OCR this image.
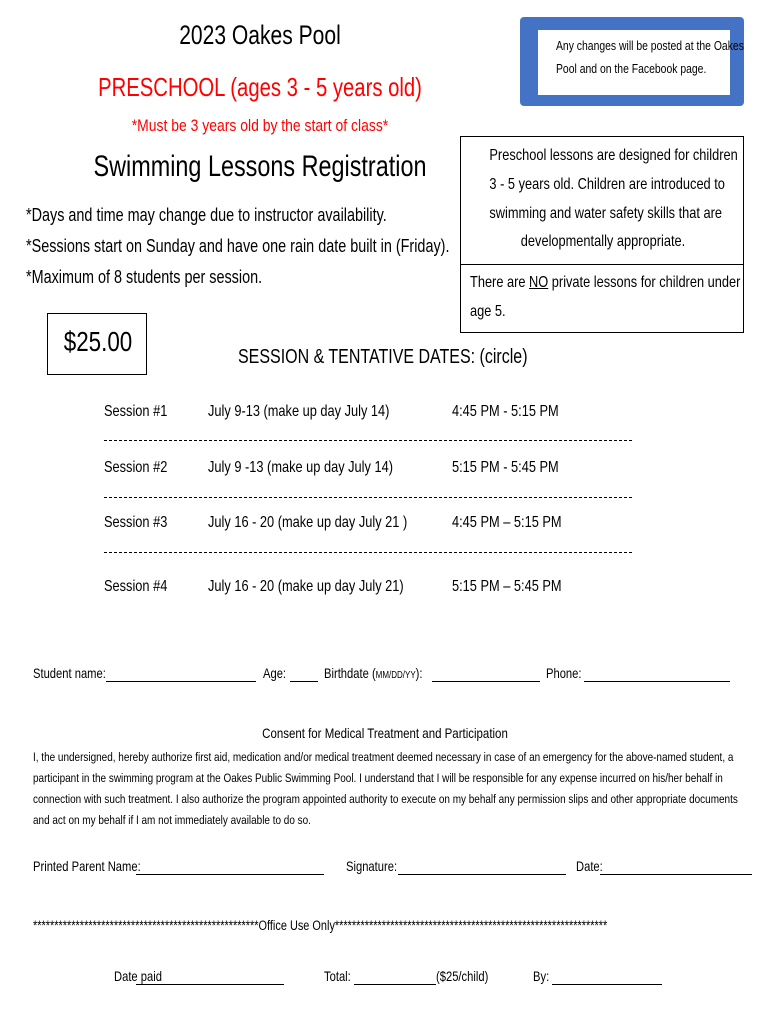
2023 Oakes Pool
PRESCHOOL (ages 3 - 5 years old)
*Must be 3 years old by the start of class*
Swimming Lessons Registration
*Days and time may change due to instructor availability.
*Sessions start on Sunday and have one rain date built in (Friday).
*Maximum of 8 students per session.
Any changes will be posted at the Oakes
Pool and on the Facebook page.
Preschool lessons are designed for children
3 - 5 years old. Children are introduced to
swimming and water safety skills that are
developmentally appropriate.
There are NO private lessons for children under
age 5.
$25.00	SESSION & TENTATIVE DATES: (circle)
Session #1	July 9-13 (make up day July 14)	4:45 PM - 5:15 PM
Session #2	July 9 -13 (make up day July 14)	5:15 PM - 5:45 PM
Session #3	July 16 - 20 (make up day July 21 )	4:45 PM – 5:15 PM
Session #4	July 16 - 20 (make up day July 21)	5:15 PM – 5:45 PM
Student name:	Age:	Birthdate (MM/DD/YY):	Phone:
Consent for Medical Treatment and Participation
I, the undersigned, hereby authorize first aid, medication and/or medical treatment deemed necessary in case of an emergency for the above-named student, a participant in the swimming program at the Oakes Public Swimming Pool. I understand that I will be responsible for any expense incurred on his/her behalf in connection with such treatment. I also authorize the program appointed authority to execute on my behalf any permission slips and other appropriate documents and act on my behalf if I am not immediately available to do so.
Printed Parent Name:	Signature:	Date:
*****************************************************Office Use Only****************************************************************
Date paid	Total:	($25/child)	By:
